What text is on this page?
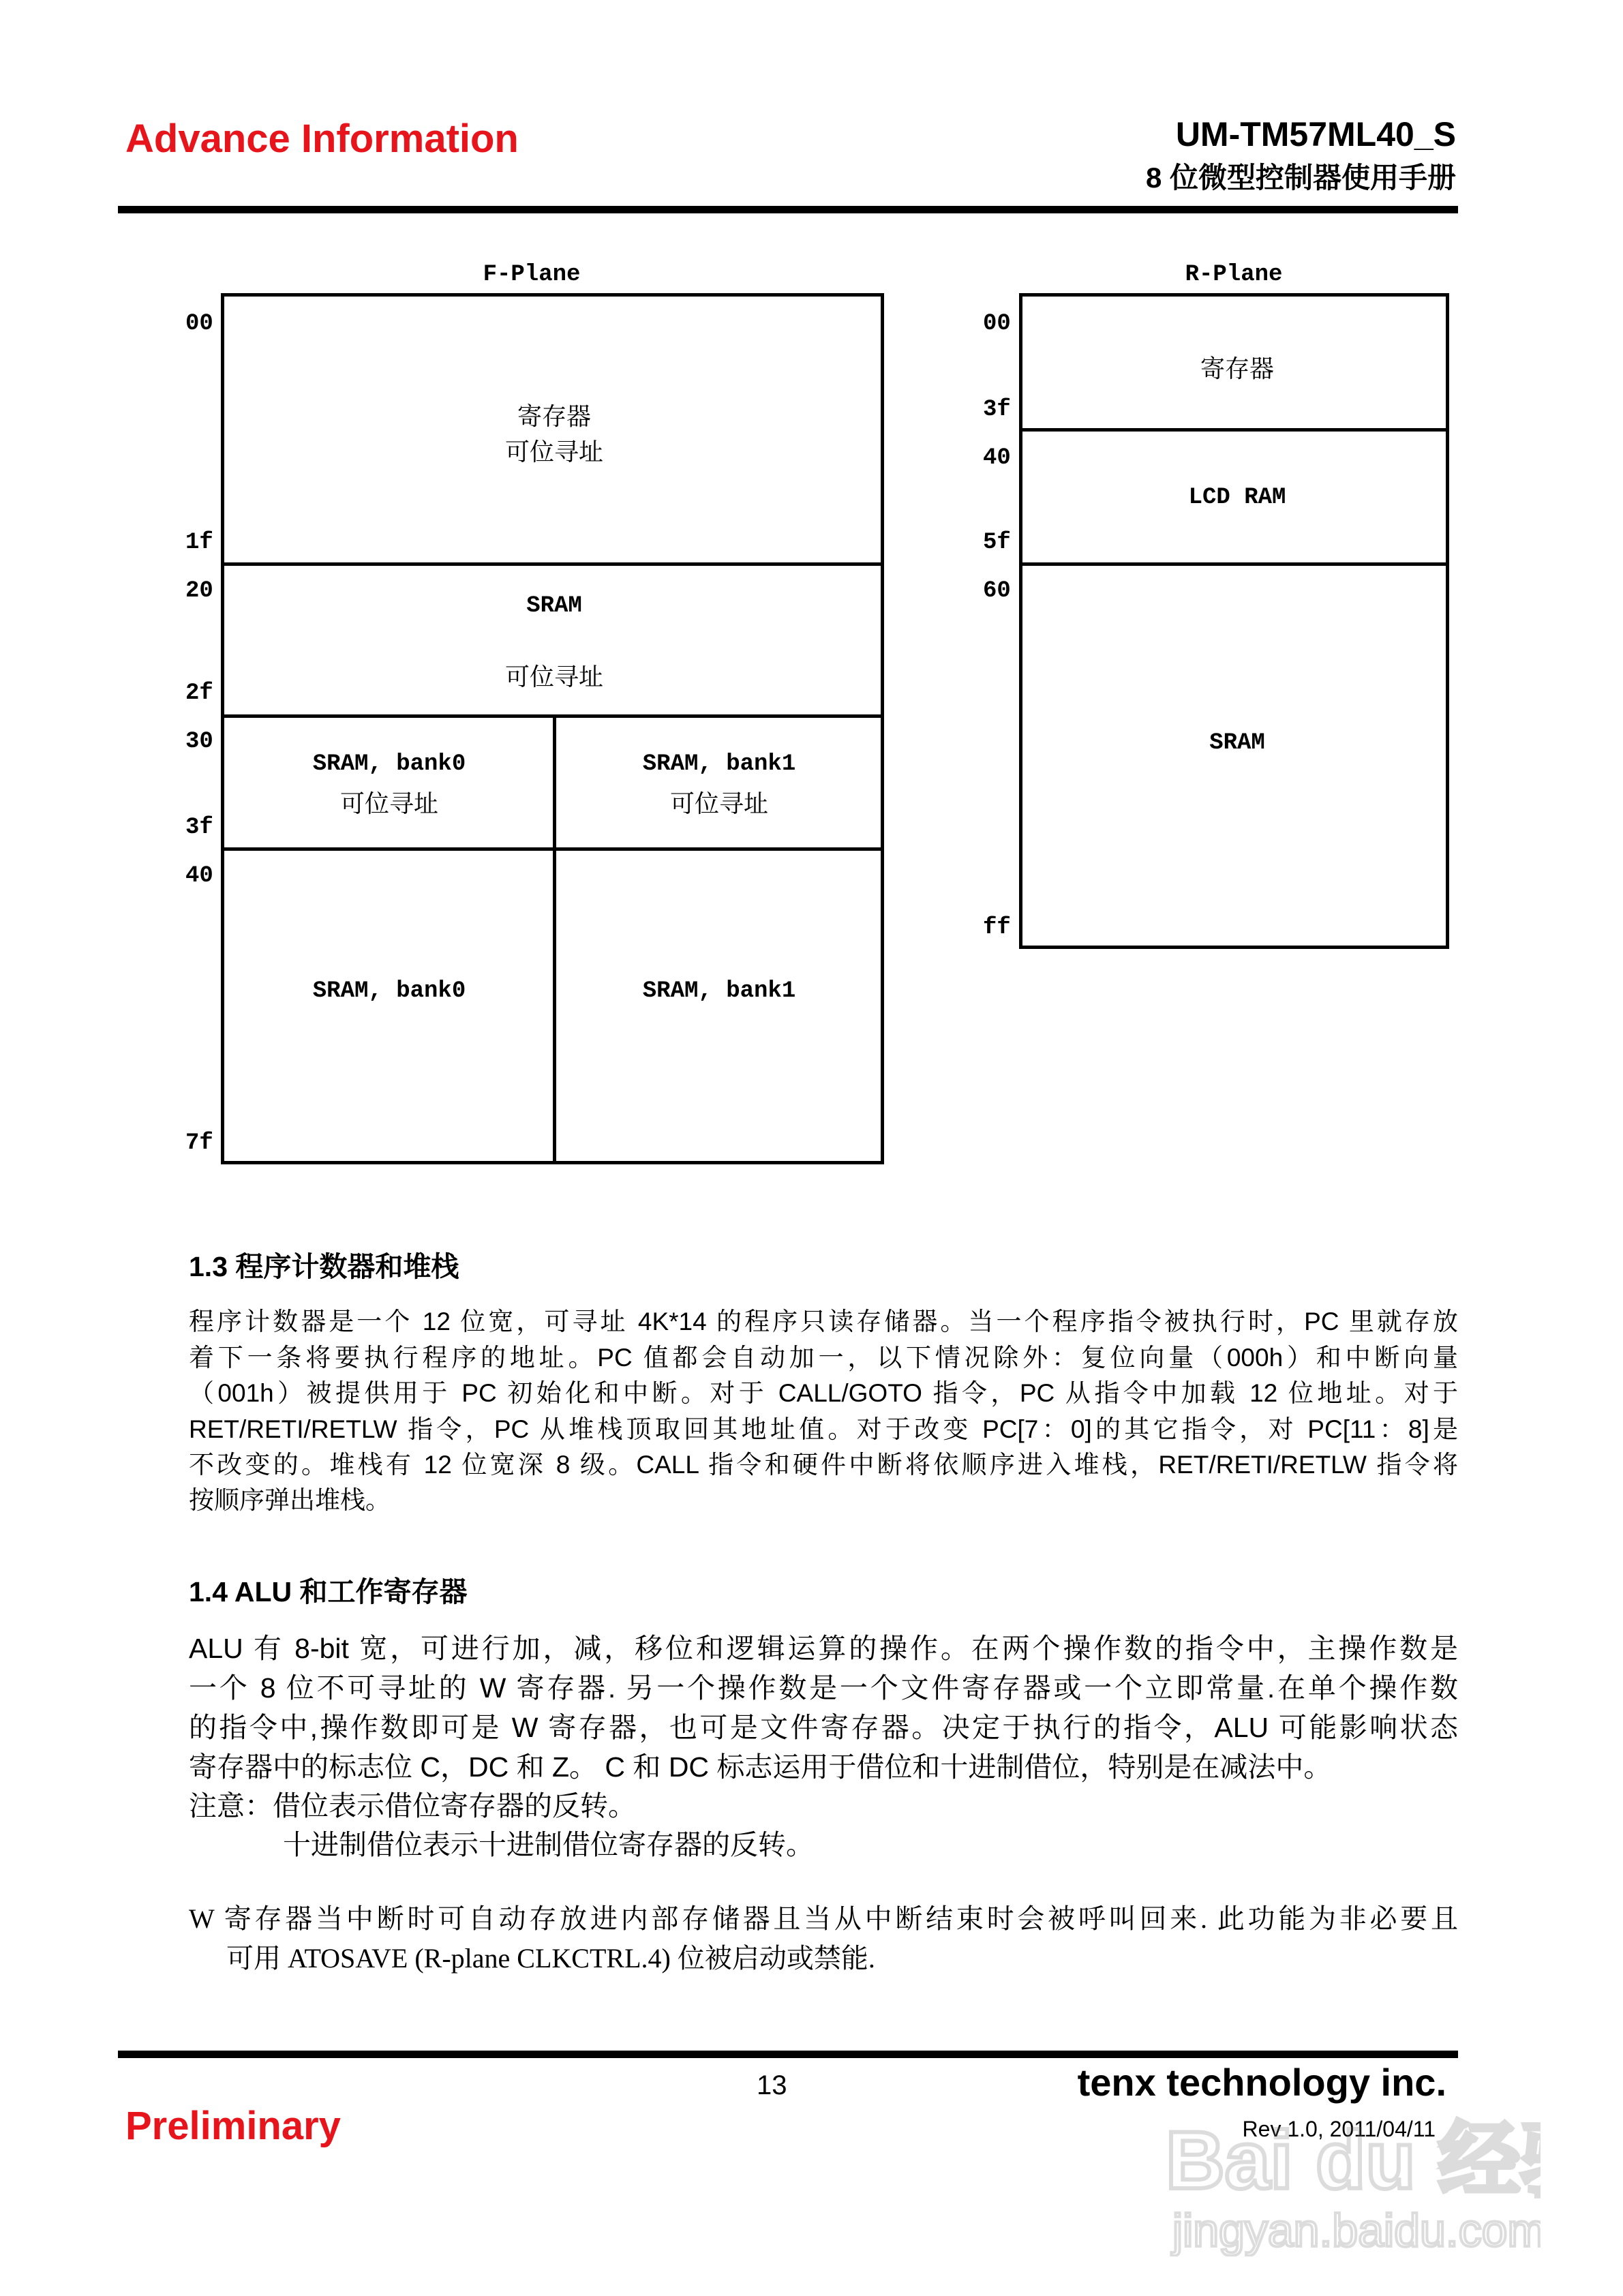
Advance Information	UM-TM57ML40_S
8 位微型控制器使用手册
F-Plane
00
1f
20
2f
30
3f
40
7f
寄存器
可位寻址
SRAM
可位寻址
SRAM, bank0
可位寻址
SRAM, bank1
可位寻址
SRAM, bank0	SRAM, bank1
R-Plane
00
3f
40
5f
60
ff
寄存器
LCD RAM
SRAM
1.3 程序计数器和堆栈
程序计数器是一个 12 位宽，可寻址 4K*14 的程序只读存储器。当一个程序指令被执行时，PC 里就存放
着下一条将要执行程序的地址。PC 值都会自动加一，以下情况除外：复位向量（000h）和中断向量
（001h）被提供用于 PC 初始化和中断。对于 CALL/GOTO 指令，PC 从指令中加载 12 位地址。对于
RET/RETI/RETLW 指令，PC 从堆栈顶取回其地址值。对于改变 PC[7：0]的其它指令，对 PC[11：8]是
不改变的。堆栈有 12 位宽深 8 级。CALL 指令和硬件中断将依顺序进入堆栈，RET/RETI/RETLW 指令将
按顺序弹出堆栈。
1.4 ALU 和工作寄存器
ALU 有 8-bit 宽，可进行加，减，移位和逻辑运算的操作。在两个操作数的指令中，主操作数是
一个 8 位不可寻址的 W 寄存器. 另一个操作数是一个文件寄存器或一个立即常量.在单个操作数
的指令中,操作数即可是 W 寄存器，也可是文件寄存器。决定于执行的指令，ALU 可能影响状态
寄存器中的标志位 C，DC 和 Z。 C 和 DC 标志运用于借位和十进制借位，特别是在减法中。
注意：借位表示借位寄存器的反转。
十进制借位表示十进制借位寄存器的反转。
W 寄存器当中断时可自动存放进内部存储器且当从中断结束时会被呼叫回来. 此功能为非必要且
可用 ATOSAVE (R-plane CLKCTRL.4) 位被启动或禁能.
13	tenx technology inc.
Rev 1.0, 2011/04/11
Preliminary	Bai du 经
jingyan.baidu.com
